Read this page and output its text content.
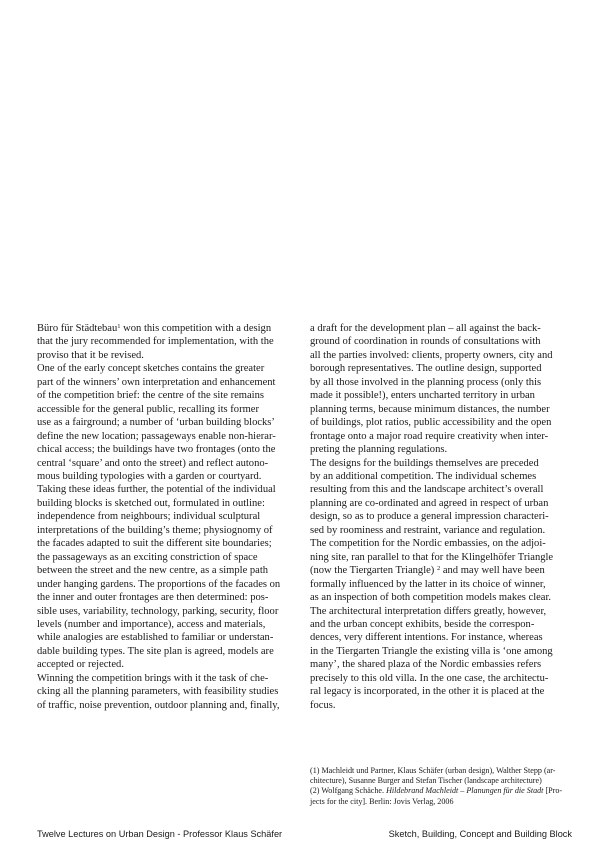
Büro für Städtebau$^1$ won this competition with a design
that the jury recommended for implementation, with the
proviso that it be revised.
One of the early concept sketches contains the greater
part of the winners’ own interpretation and enhancement
of the competition brief: the centre of the site remains
accessible for the general public, recalling its former
use as a fairground; a number of ‘urban building blocks’
define the new location; passageways enable non-hierar-
chical access; the buildings have two frontages (onto the
central ‘square’ and onto the street) and reflect autono-
mous building typologies with a garden or courtyard.
Taking these ideas further, the potential of the individual
building blocks is sketched out, formulated in outline:
independence from neighbours; individual sculptural
interpretations of the building’s theme; physiognomy of
the facades adapted to suit the different site boundaries;
the passageways as an exciting constriction of space
between the street and the new centre, as a simple path
under hanging gardens. The proportions of the facades on
the inner and outer frontages are then determined: pos-
sible uses, variability, technology, parking, security, floor
levels (number and importance), access and materials,
while analogies are established to familiar or understan-
dable building types. The site plan is agreed, models are
accepted or rejected.
Winning the competition brings with it the task of che-
cking all the planning parameters, with feasibility studies
of traffic, noise prevention, outdoor planning and, finally,
a draft for the development plan – all against the back-
ground of coordination in rounds of consultations with
all the parties involved: clients, property owners, city and
borough representatives. The outline design, supported
by all those involved in the planning process (only this
made it possible!), enters uncharted territory in urban
planning terms, because minimum distances, the number
of buildings, plot ratios, public accessibility and the open
frontage onto a major road require creativity when inter-
preting the planning regulations.
The designs for the buildings themselves are preceded
by an additional competition. The individual schemes
resulting from this and the landscape architect’s overall
planning are co-ordinated and agreed in respect of urban
design, so as to produce a general impression characteri-
sed by roominess and restraint, variance and regulation.
The competition for the Nordic embassies, on the adjoi-
ning site, ran parallel to that for the Klingelhöfer Triangle
(now the Tiergarten Triangle) $^2$ and may well have been
formally influenced by the latter in its choice of winner,
as an inspection of both competition models makes clear.
The architectural interpretation differs greatly, however,
and the urban concept exhibits, beside the correspon-
dences, very different intentions. For instance, whereas
in the Tiergarten Triangle the existing villa is ‘one among
many’, the shared plaza of the Nordic embassies refers
precisely to this old villa. In the one case, the architectu-
ral legacy is incorporated, in the other it is placed at the
focus.
(1) Machleidt und Partner, Klaus Schäfer (urban design), Walther Stepp (ar-
chitecture), Susanne Burger and Stefan Tischer (landscape architecture)
(2) Wolfgang Schäche. Hildebrand Machleidt – Planungen für die Stadt [Pro-
jects for the city]. Berlin: Jovis Verlag, 2006
Twelve Lectures on Urban Design - Professor Klaus Schäfer	Sketch, Building, Concept and Building Block
